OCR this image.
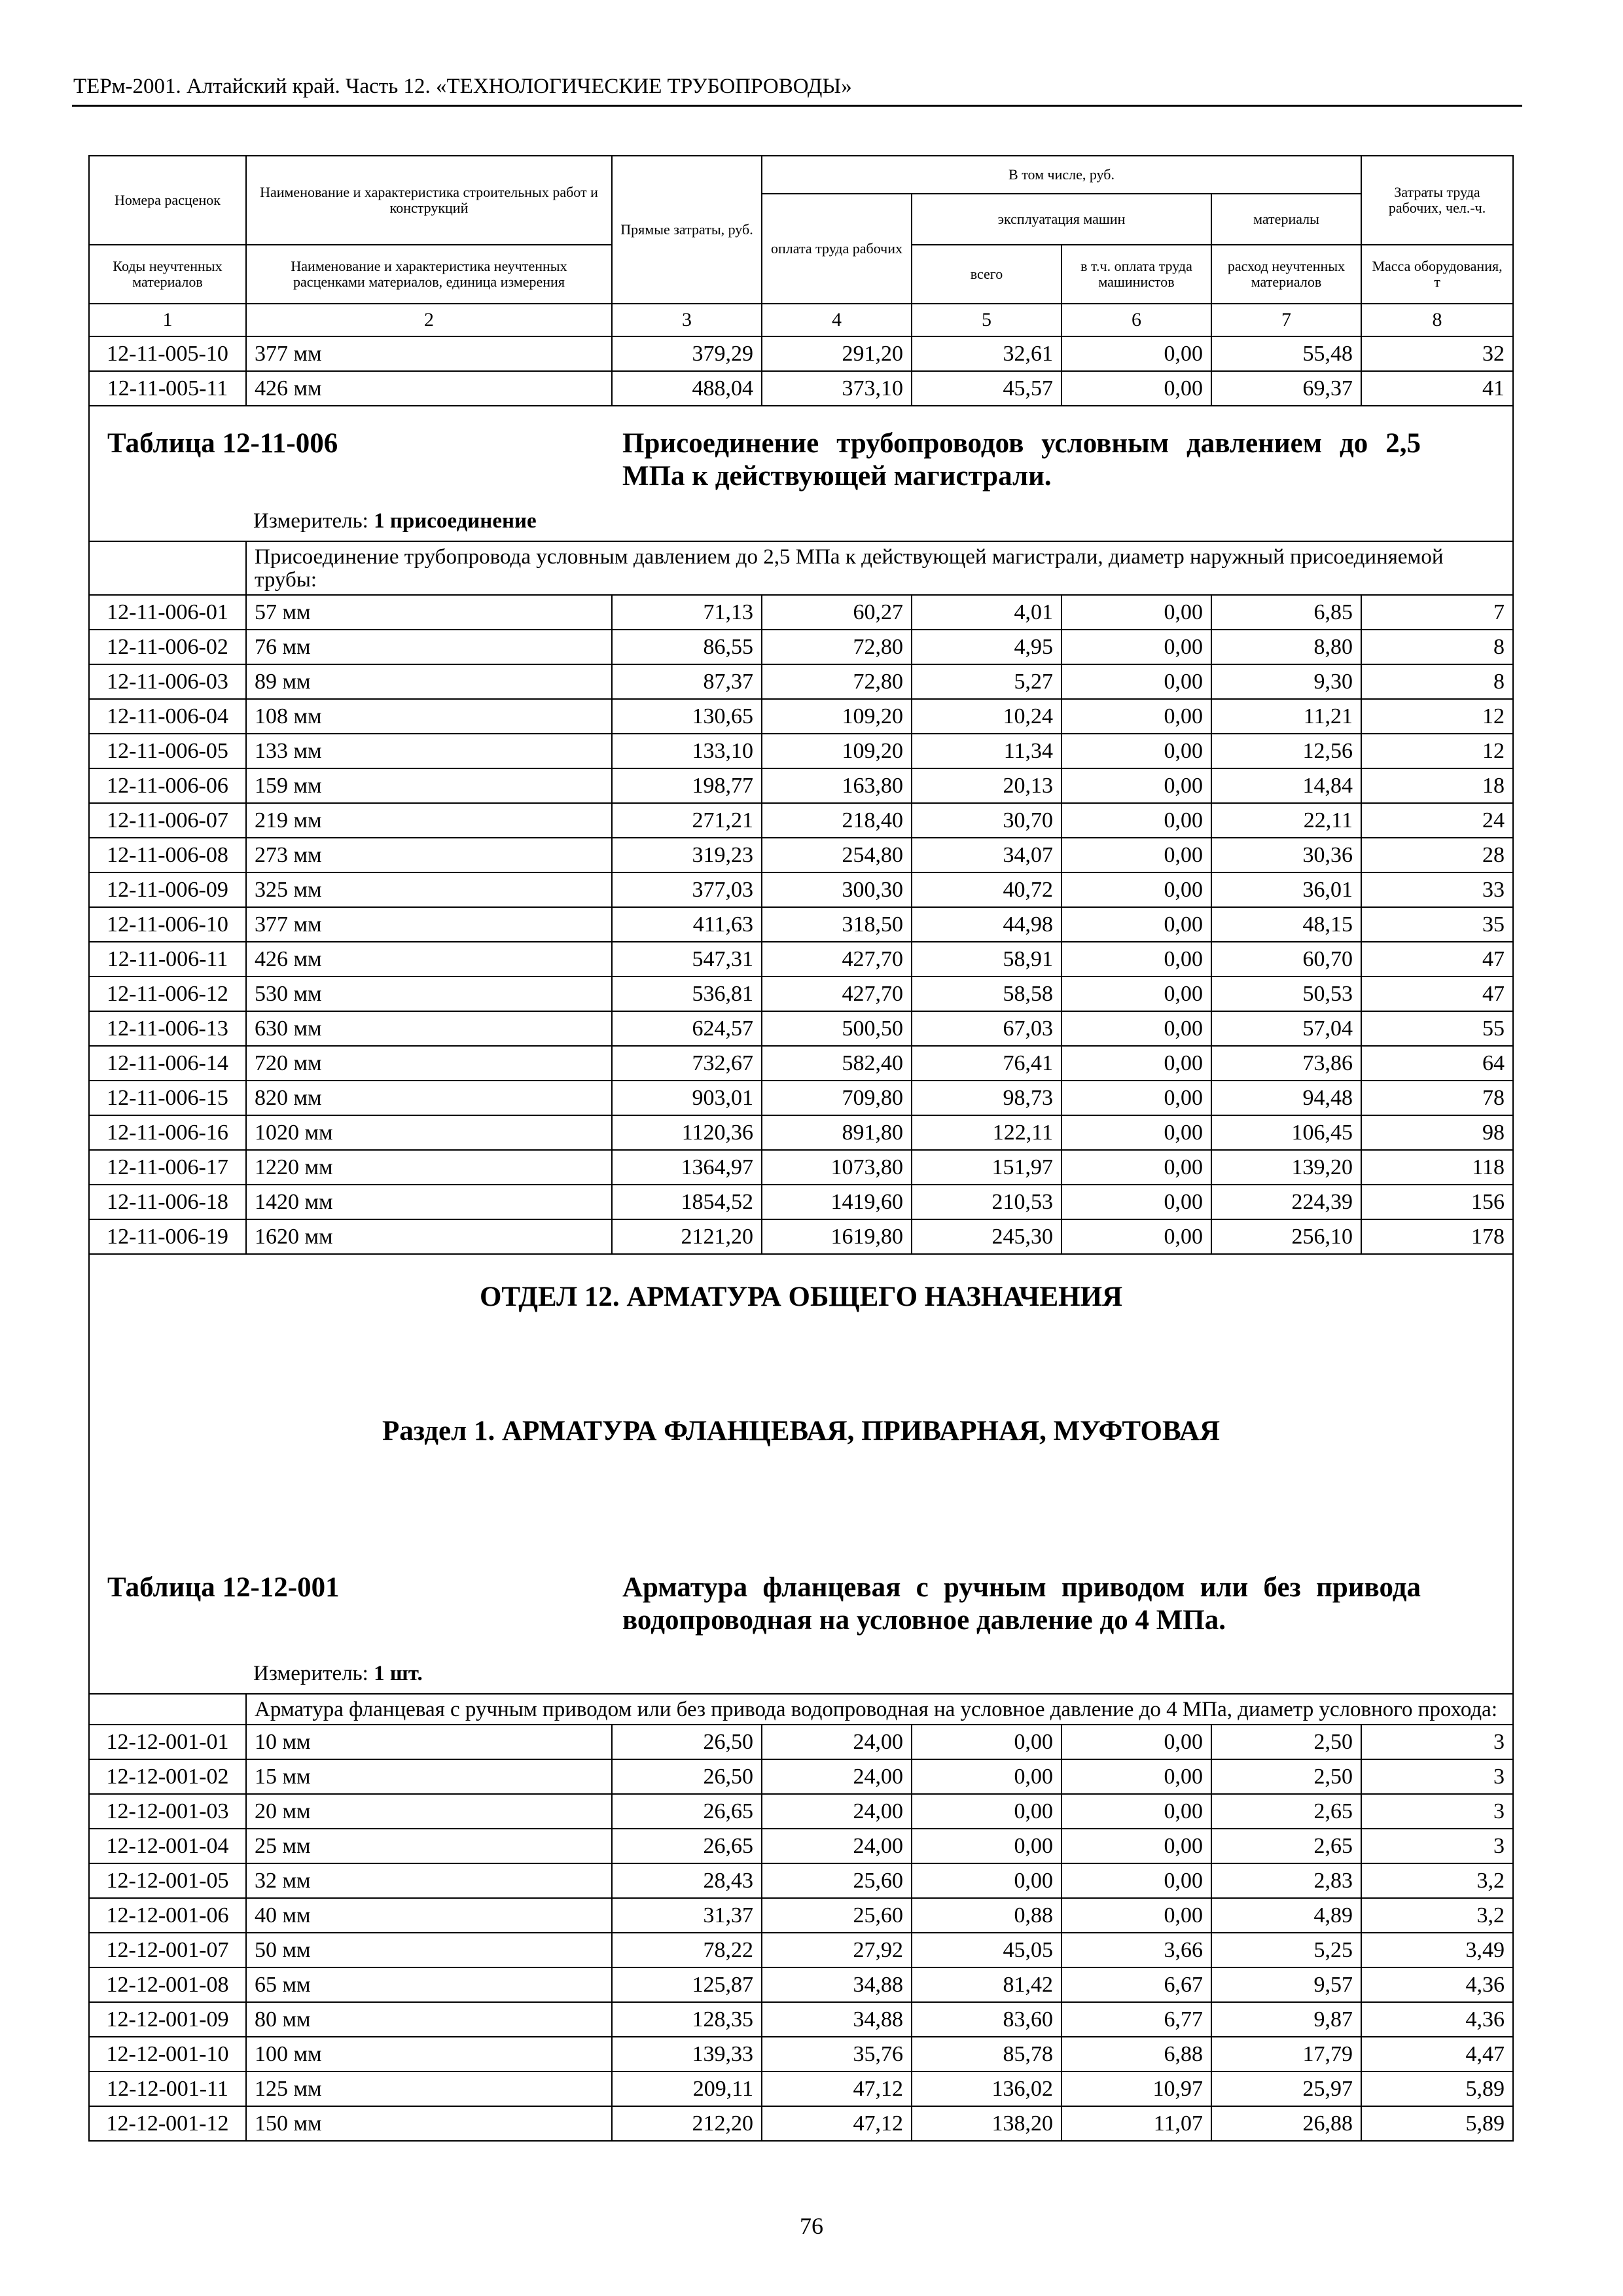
ТЕРм-2001. Алтайский край. Часть 12. «ТЕХНОЛОГИЧЕСКИЕ ТРУБОПРОВОДЫ»
Номера расценок	Наименование и характеристика строительных работ и конструкций	Прямые затраты, руб.	В том числе, руб.				Затраты труда рабочих, чел.-ч.
			оплата труда рабочих	эксплуатация машин		материалы	
Коды неучтенных материалов	Наименование и характеристика неучтенных расценками материалов, единица измерения			всего	в т.ч. оплата труда машинистов	расход неучтенных материалов	Масса оборудования, т
1	2	3	4	5	6	7	8
12-11-005-10	377 мм	379,29	291,20	32,61	0,00	55,48	32
12-11-005-11	426 мм	488,04	373,10	45,57	0,00	69,37	41

Таблица 12-11-006 Присоединение трубопроводов условным давлением до 2,5 МПа к действующей магистрали.
Измеритель: 1 присоединение							

	Присоединение трубопровода условным давлением до 2,5 МПа к действующей магистрали, диаметр наружный присоединяемой трубы:						
12-11-006-01	57 мм	71,13	60,27	4,01	0,00	6,85	7
12-11-006-02	76 мм	86,55	72,80	4,95	0,00	8,80	8
12-11-006-03	89 мм	87,37	72,80	5,27	0,00	9,30	8
12-11-006-04	108 мм	130,65	109,20	10,24	0,00	11,21	12
12-11-006-05	133 мм	133,10	109,20	11,34	0,00	12,56	12
12-11-006-06	159 мм	198,77	163,80	20,13	0,00	14,84	18
12-11-006-07	219 мм	271,21	218,40	30,70	0,00	22,11	24
12-11-006-08	273 мм	319,23	254,80	34,07	0,00	30,36	28
12-11-006-09	325 мм	377,03	300,30	40,72	0,00	36,01	33
12-11-006-10	377 мм	411,63	318,50	44,98	0,00	48,15	35
12-11-006-11	426 мм	547,31	427,70	58,91	0,00	60,70	47
12-11-006-12	530 мм	536,81	427,70	58,58	0,00	50,53	47
12-11-006-13	630 мм	624,57	500,50	67,03	0,00	57,04	55
12-11-006-14	720 мм	732,67	582,40	76,41	0,00	73,86	64
12-11-006-15	820 мм	903,01	709,80	98,73	0,00	94,48	78
12-11-006-16	1020 мм	1120,36	891,80	122,11	0,00	106,45	98
12-11-006-17	1220 мм	1364,97	1073,80	151,97	0,00	139,20	118
12-11-006-18	1420 мм	1854,52	1419,60	210,53	0,00	224,39	156
12-11-006-19	1620 мм	2121,20	1619,80	245,30	0,00	256,10	178

ОТДЕЛ 12. АРМАТУРА ОБЩЕГО НАЗНАЧЕНИЯ
Раздел 1. АРМАТУРА ФЛАНЦЕВАЯ, ПРИВАРНАЯ, МУФТОВАЯ
Таблица 12-12-001 Арматура фланцевая с ручным приводом или без привода водопроводная на условное давление до 4 МПа.
Измеритель: 1 шт.							

	Арматура фланцевая с ручным приводом или без привода водопроводная на условное давление до 4 МПа, диаметр условного прохода:						
12-12-001-01	10 мм	26,50	24,00	0,00	0,00	2,50	3
12-12-001-02	15 мм	26,50	24,00	0,00	0,00	2,50	3
12-12-001-03	20 мм	26,65	24,00	0,00	0,00	2,65	3
12-12-001-04	25 мм	26,65	24,00	0,00	0,00	2,65	3
12-12-001-05	32 мм	28,43	25,60	0,00	0,00	2,83	3,2
12-12-001-06	40 мм	31,37	25,60	0,88	0,00	4,89	3,2
12-12-001-07	50 мм	78,22	27,92	45,05	3,66	5,25	3,49
12-12-001-08	65 мм	125,87	34,88	81,42	6,67	9,57	4,36
12-12-001-09	80 мм	128,35	34,88	83,60	6,77	9,87	4,36
12-12-001-10	100 мм	139,33	35,76	85,78	6,88	17,79	4,47
12-12-001-11	125 мм	209,11	47,12	136,02	10,97	25,97	5,89
12-12-001-12	150 мм	212,20	47,12	138,20	11,07	26,88	5,89
76
